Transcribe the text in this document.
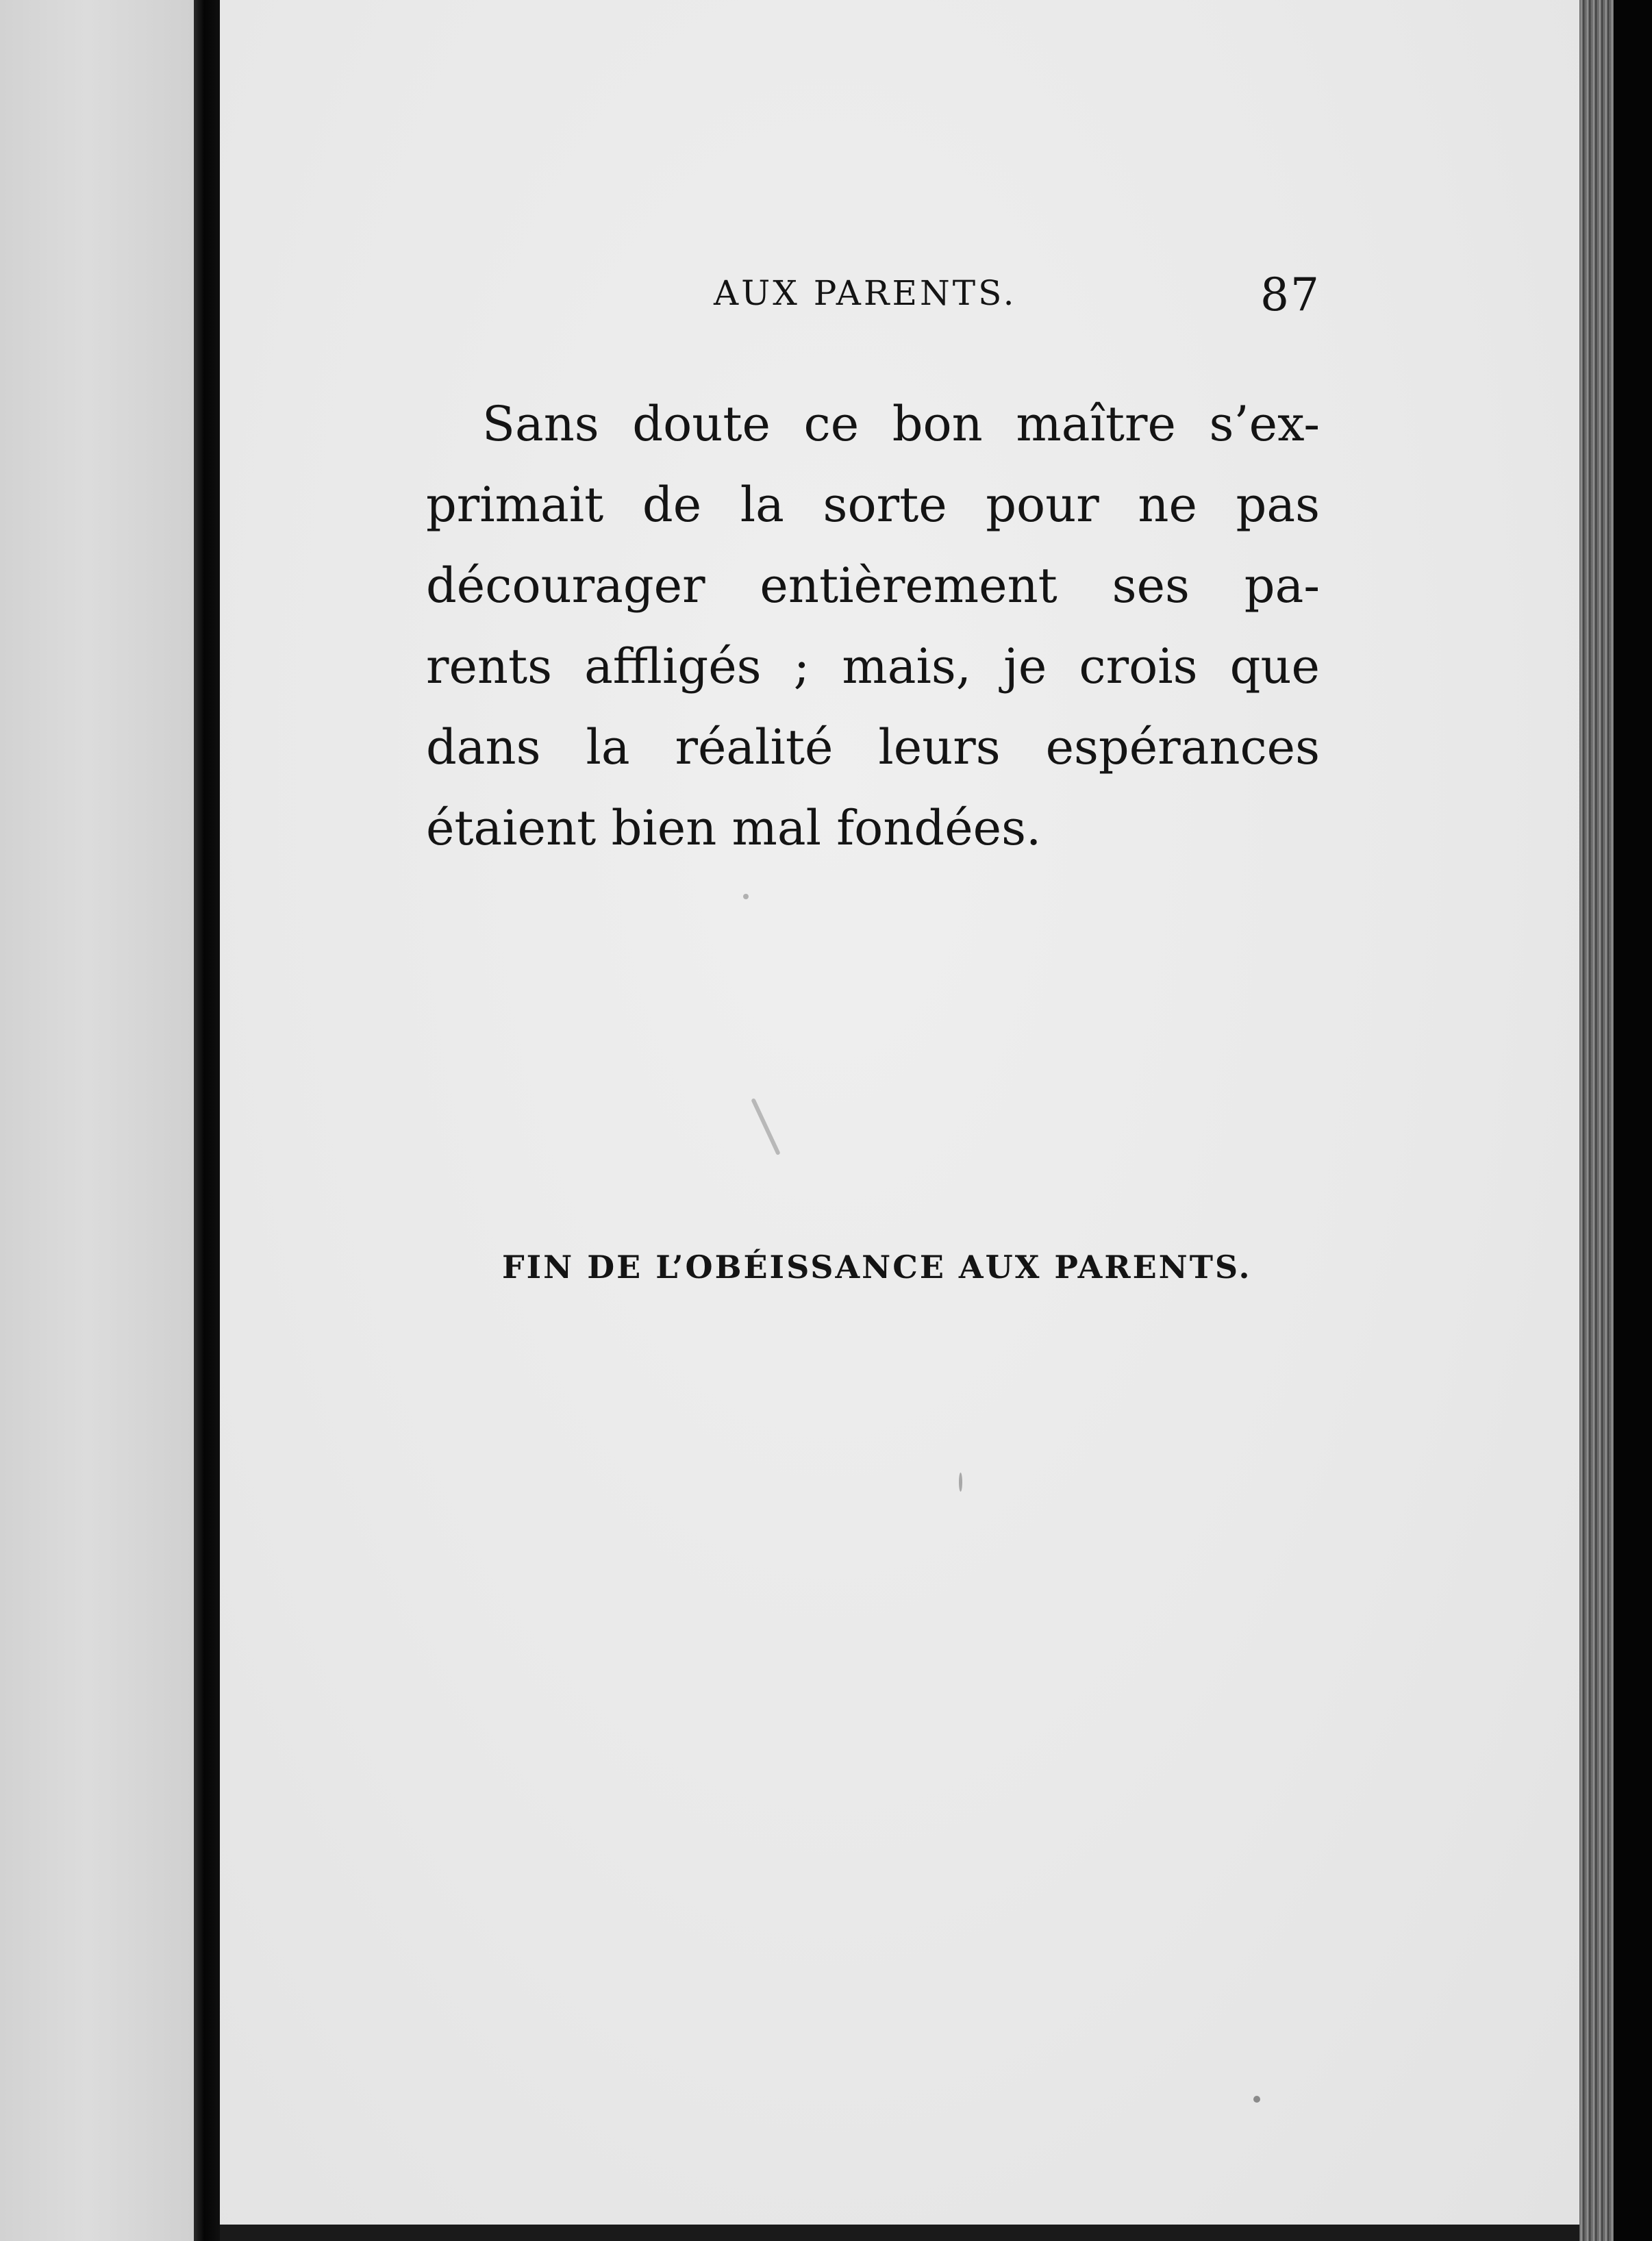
AUX PARENTS.	87
Sans doute ce bon maître s’ex-
primait de la sorte pour ne pas
décourager entièrement ses pa-
rents affligés ; mais, je crois que
dans la réalité leurs espérances
étaient bien mal fondées.
FIN DE L’OBÉISSANCE AUX PARENTS.
